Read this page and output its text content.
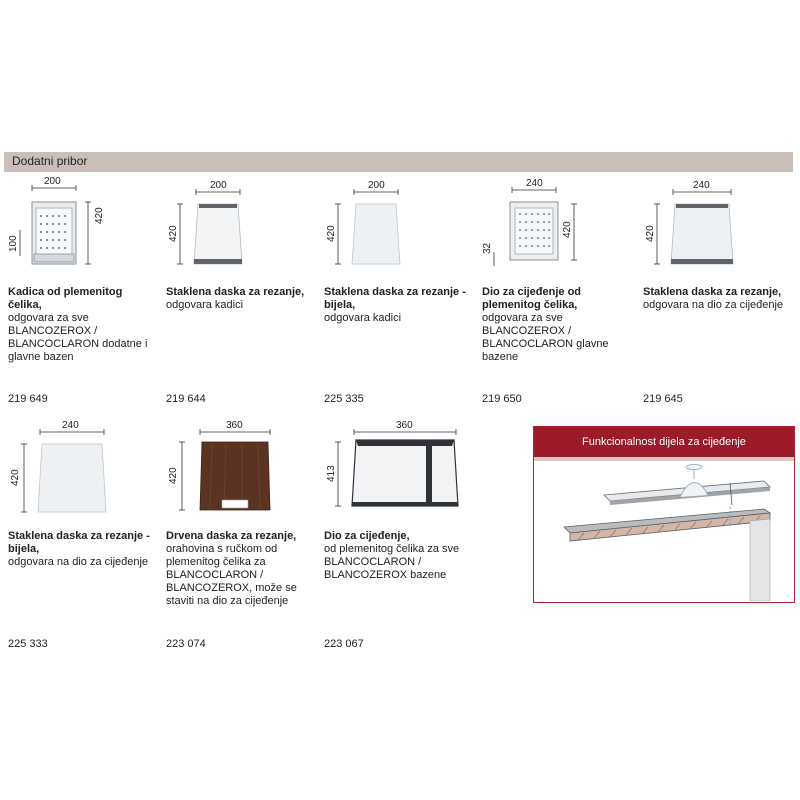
Dodatni pribor
200
420
100
Kadica od plemenitog čelika,
odgovara za sve BLANCOZEROX / BLANCOCLARON dodatne i glavne bazen
219 649
200
420
Staklena daska za rezanje,
odgovara kadici
219 644
200
420
Staklena daska za rezanje - bijela,
odgovara kadici
225 335
240
420
32
Dio za cijeđenje od plemenitog čelika,
odgovara za sve BLANCOZEROX / BLANCOCLARON glavne bazene
219 650
240
420
Staklena daska za rezanje,
odgovara na dio za cijeđenje
219 645
240
420
Staklena daska za rezanje - bijela,
odgovara na dio za cijeđenje
225 333
360
420
Drvena daska za rezanje,
orahovina s ručkom od plemenitog čelika za BLANCOCLARON / BLANCOZEROX, može se staviti na dio za cijeđenje
223 074
360
413
Dio za cijeđenje,
od plemenitog čelika za sve BLANCOCLARON / BLANCOZEROX bazene
223 067
Funkcionalnost dijela za cijeđenje
